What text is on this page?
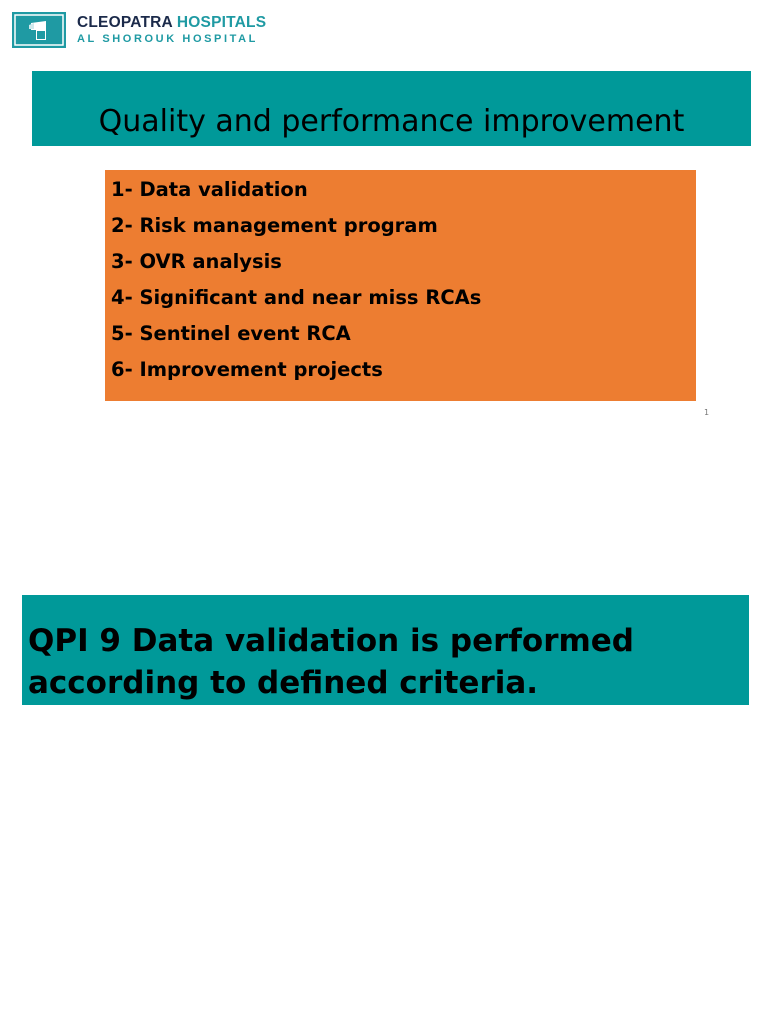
CLEOPATRA HOSPITALS
AL SHOROUK HOSPITAL
Quality and performance improvement
1- Data validation
2- Risk management program
3- OVR analysis
4- Significant and near miss RCAs
5- Sentinel event RCA
6- Improvement projects
1
QPI 9 Data validation is performed according to defined criteria.
